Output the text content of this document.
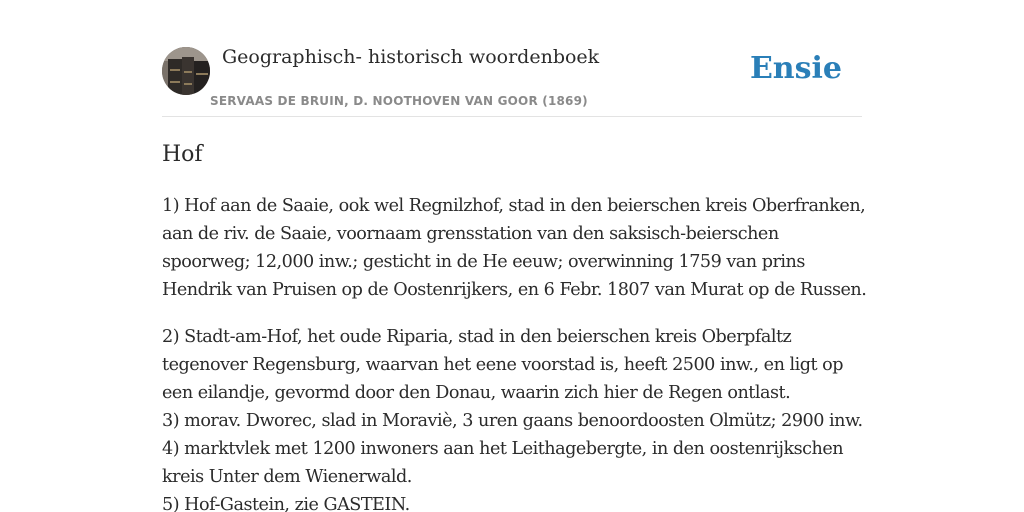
Geographisch- historisch woordenboek
SERVAAS DE BRUIN, D. NOOTHOVEN VAN GOOR (1869)
Ensie
Hof
1) Hof aan de Saaie, ook wel Regnilzhof, stad in den beierschen kreis Oberfranken,
aan de riv. de Saaie, voornaam grensstation van den saksisch-beierschen
spoorweg; 12,000 inw.; gesticht in de He eeuw; overwinning 1759 van prins
Hendrik van Pruisen op de Oostenrijkers, en 6 Febr. 1807 van Murat op de Russen.
2) Stadt-am-Hof, het oude Riparia, stad in den beierschen kreis Oberpfaltz
tegenover Regensburg, waarvan het eene voorstad is, heeft 2500 inw., en ligt op
een eilandje, gevormd door den Donau, waarin zich hier de Regen ontlast.
3) morav. Dworec, slad in Moraviè, 3 uren gaans benoordoosten Olmütz; 2900 inw.
4) marktvlek met 1200 inwoners aan het Leithagebergte, in den oostenrijkschen
kreis Unter dem Wienerwald.
5) Hof-Gastein, zie GASTEIN.
